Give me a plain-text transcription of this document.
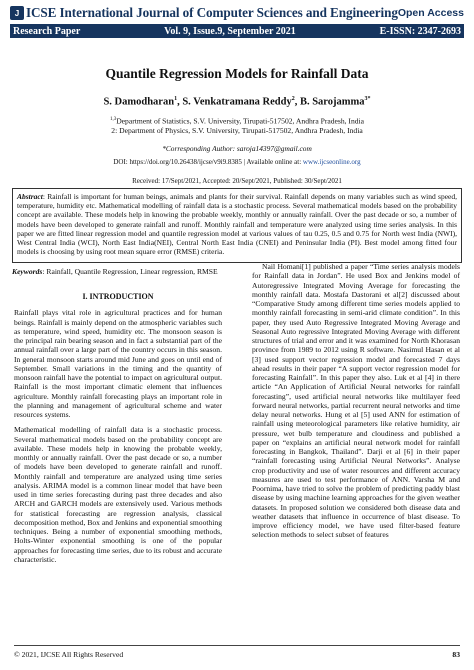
J ICSE International Journal of Computer Sciences and Engineering Open Access
Research Paper	Vol. 9, Issue.9, September 2021	E-ISSN: 2347-2693
Quantile Regression Models for Rainfall Data
S. Damodharan$^1$, S. Venkatramana Reddy$^2$, B. Sarojamma$^{3*}$
$^{1,3}$Department of Statistics, S.V. University, Tirupati-517502, Andhra Pradesh, India
2: Department of Physics, S.V. University, Tirupati-517502, Andhra Pradesh, India
*Corresponding Author: saroja14397@gmail.com
DOI: https://doi.org/10.26438/ijcse/v9i9.8385 | Available online at: www.ijcseonline.org
Received: 17/Sept/2021, Accepted: 20/Sept/2021, Published: 30/Sept/2021
Abstract: Rainfall is important for human beings, animals and plants for their survival. Rainfall depends on many variables such as wind speed, temperature, humidity etc. Mathematical modelling of rainfall data is a stochastic process. Several mathematical models based on the probability concept are available. These models help in knowing the probable weekly, monthly or annually rainfall. Over the past decade or so, a number of models have been developed to generate rainfall and runoff. Monthly rainfall and temperature were analyzed using time series analysis. In this paper we are fitted linear regression model and quantile regression model at various values of tau 0.25, 0.5 and 0.75 for North west India (NWI), West Central India (WCI), North East India(NEI), Central North East India (CNEI) and Peninsular India (PI). Best model among fitted four models is choosing by using root mean square error (RMSE) criteria.
Keywords: Rainfall, Quantile Regression, Linear regression, RMSE
I. INTRODUCTION

Rainfall plays vital role in agricultural practices and for human beings. Rainfall is mainly depend on the atmospheric variables such as temperature, wind speed, humidity etc. The monsoon season is the principal rain bearing season and in fact a substantial part of the annual rainfall over a large part of the country occurs in this season. In general monsoon starts around mid June and goes on until end of September. Small variations in the timing and the quantity of monsoon rainfall have the potential to impact on agricultural output. Rainfall is the most important climatic element that influences agriculture. Monthly rainfall forecasting plays an important role in the planning and management of agricultural scheme and water resources systems.

Mathematical modelling of rainfall data is a stochastic process. Several mathematical models based on the probability concept are available. These models help in knowing the probable weekly, monthly or annually rainfall. Over the past decade or so, a number of models have been developed to generate rainfall and runoff. Monthly rainfall and temperature are analyzed using time series analysis. ARIMA model is a common linear model that have been used in time series forecasting during past three decades and also ARCH and GARCH models are extensively used. Various methods for statistical forecasting are regression analysis, classical decomposition method, Box and Jenkins and exponential smoothing techniques. Being a number of exponential smoothing methods, Holts-Winter exponential smoothing is one of the popular approaches for forecasting time series, due to its robust and accurate characteristic.

Nail Homani[1] published a paper “Time series analysis models for Rainfall data in Jordan”. He used Box and Jenkins model of Autoregressive Integrated Moving Average for forecasting the monthly rainfall data. Mostafa Dastorani et al[2] discussed about “Comparative Study among different time series models applied to monthly rainfall forecasting in semi-arid climate condition”. In this paper, they used Auto Regressive Integrated Moving Average and Seasonal Auto regressive Integrated Moving Average with different structures of trial and error and it was examined for North Khorasan province from 1989 to 2012 using R software. Nasimul Hasan et al [3] used support vector regression model and forecasted 7 days ahead results in their paper “A support vector regression model for forecasting Rainfall”. In this paper they also. Luk et al [4] in there article “An Application of Artificial Neural networks for rainfall forecasting”, used artificial neural networks like multilayer feed forward neural networks, partial recurrent neural networks and time delay neural networks. Hung et al [5] used ANN for estimation of rainfall using meteorological parameters like relative humidity, air pressure, wet bulb temperature and cloudiness and published a paper on “explains an artificial neural network model for rainfall forecasting in Bangkok, Thailand”. Darji et al [6] in their paper “rainfall forecasting using Artificial Neural Networks”. Analyse crop productivity and use of water resources and different accuracy measures are used to test performance of ANN. Varsha M and Poornima, have tried to solve the problem of predicting paddy blast disease by using machine learning approaches for the given weather datasets. In proposed solution we considered both disease data and weather datasets that influence in occurrence of blast disease. To improve efficiency model, we have used filter-based feature selection methods to select subset of features

© 2021, IJCSE All Rights Reserved	83
